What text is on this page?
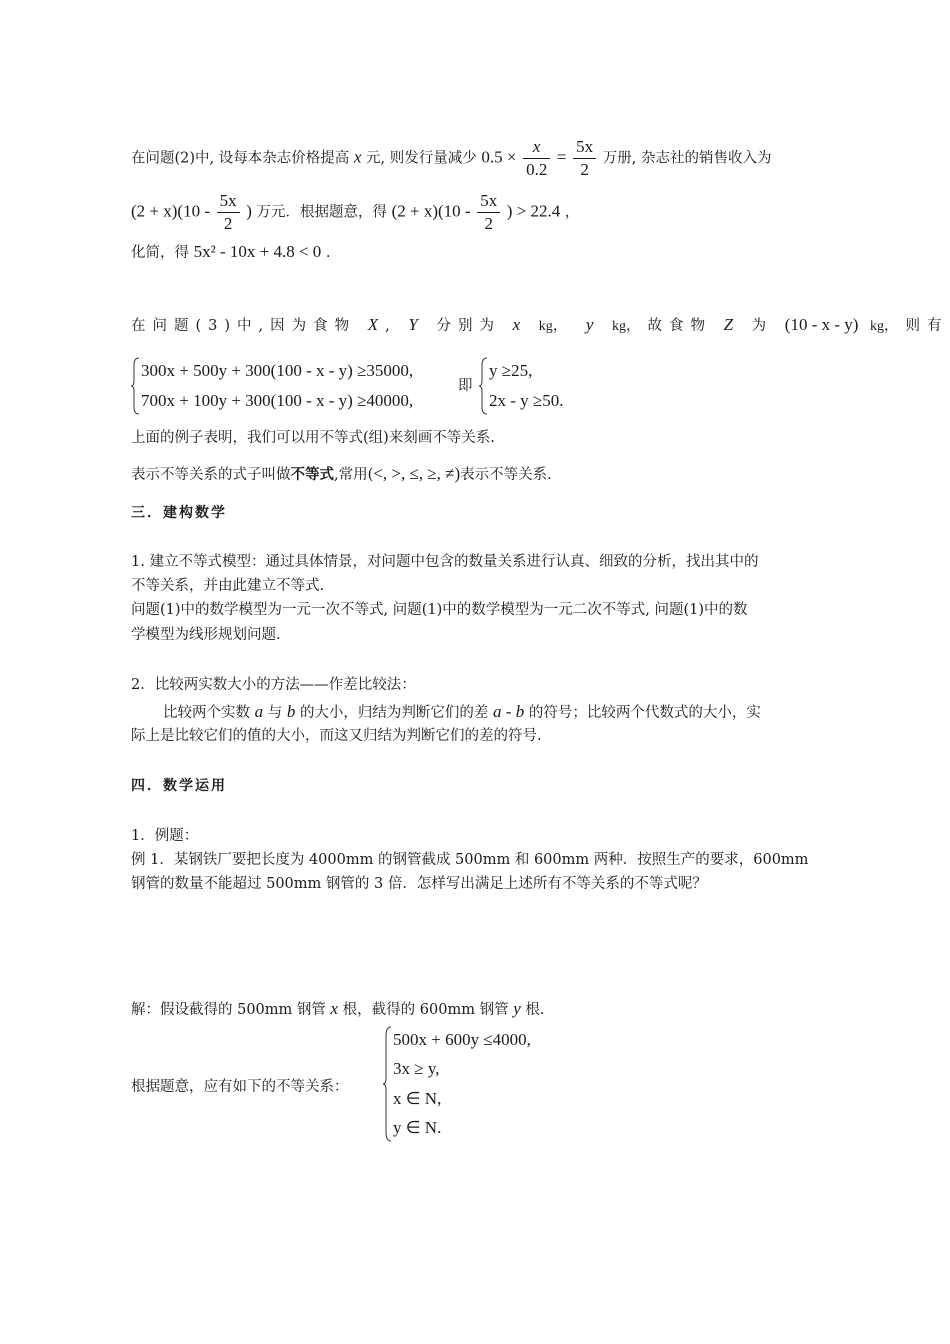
在问题(2)中, 设每本杂志价格提高 x 元, 则发行量减少 $0.5 \times \frac{x}{0.2} = \frac{5x}{2}$ 万册, 杂志社的销售收入为
$(2 + x)(10 - \frac{5x}{2}$ ) 万元．根据题意，得 $(2 + x)(10 - \frac{5x}{2}$ ) > 22.4 ，
化简，得 5x² - 10x + 4.8 < 0 .
在问题(3)中,因为食物 X, Y 分别为 x kg， y kg，故食物 Z 为 (10 - x - y) kg，则有
300x + 500y + 300(100 - x - y) ≥35000,
700x + 100y + 300(100 - x - y) ≥40000,
即
y ≥25,
2x - y ≥50.
上面的例子表明，我们可以用不等式(组)来刻画不等关系.
表示不等关系的式子叫做不等式,常用(<, >, ≤, ≥, ≠)表示不等关系.
三．建构数学
1. 建立不等式模型：通过具体情景，对问题中包含的数量关系进行认真、细致的分析，找出其中的
不等关系，并由此建立不等式.
问题(1)中的数学模型为一元一次不等式, 问题(1)中的数学模型为一元二次不等式, 问题(1)中的数
学模型为线形规划问题.
2．比较两实数大小的方法——作差比较法：
比较两个实数 a 与 b 的大小，归结为判断它们的差 a - b 的符号；比较两个代数式的大小，实
际上是比较它们的值的大小，而这又归结为判断它们的差的符号.
四．数学运用
1．例题：
例 1．某钢铁厂要把长度为 4000mm 的钢管截成 500mm 和 600mm 两种．按照生产的要求，600mm
钢管的数量不能超过 500mm 钢管的 3 倍．怎样写出满足上述所有不等关系的不等式呢？
解：假设截得的 500mm 钢管 x 根，截得的 600mm 钢管 y 根.
根据题意，应有如下的不等关系：
500x + 600y ≤4000,
3x ≥ y,
x ∈ N,
y ∈ N.
